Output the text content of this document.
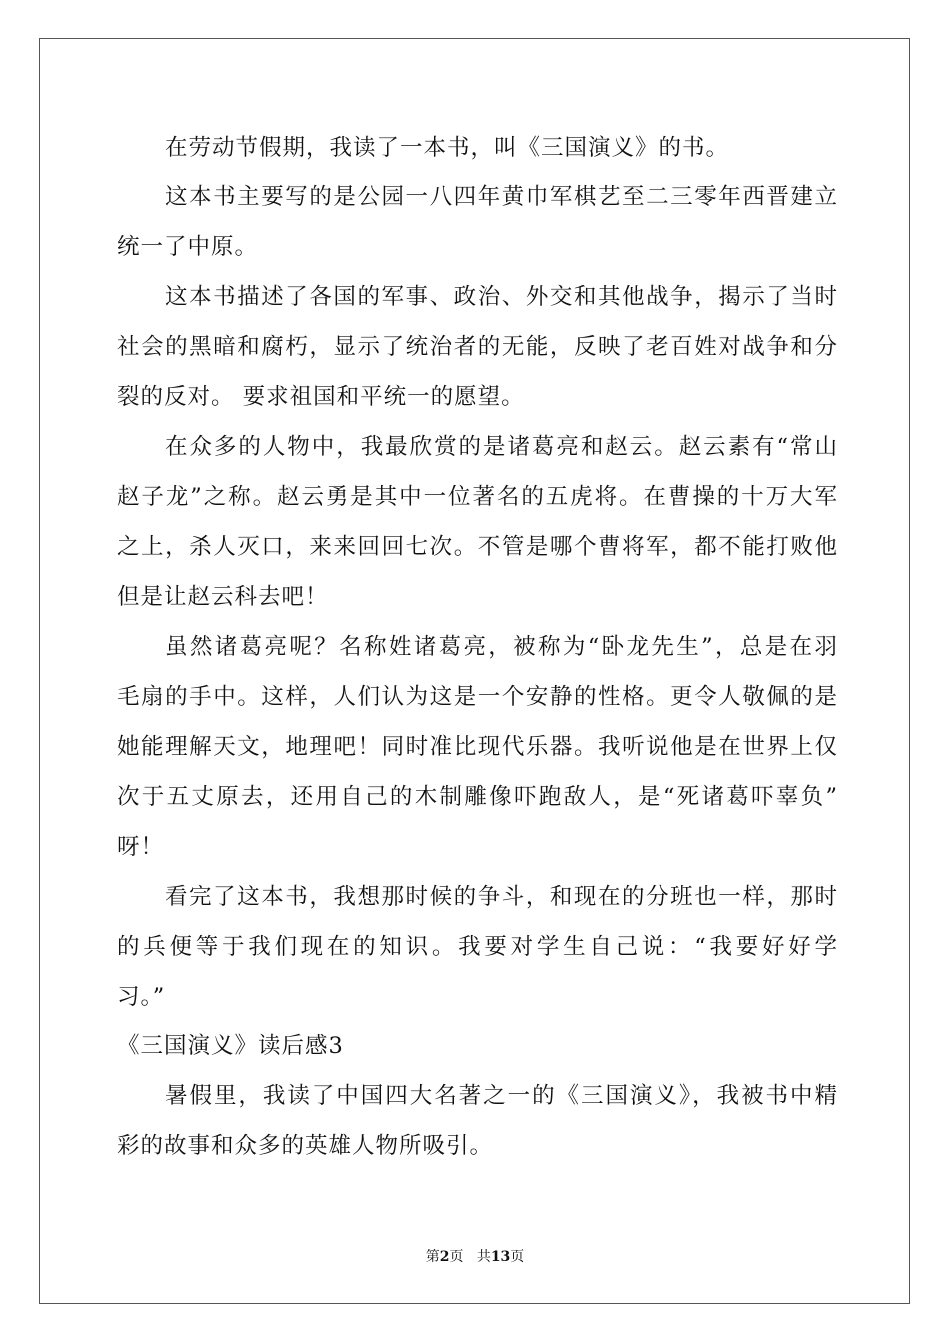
在劳动节假期，我读了一本书，叫《三国演义》的书。
这本书主要写的是公园一八四年黄巾军棋艺至二三零年西晋建立
统一了中原。
这本书描述了各国的军事、政治、外交和其他战争，揭示了当时
社会的黑暗和腐朽，显示了统治者的无能，反映了老百姓对战争和分
裂的反对。 要求祖国和平统一的愿望。
在众多的人物中，我最欣赏的是诸葛亮和赵云。赵云素有“常山
赵子龙”之称。赵云勇是其中一位著名的五虎将。在曹操的十万大军
之上，杀人灭口，来来回回七次。不管是哪个曹将军，都不能打败他
但是让赵云科去吧！
虽然诸葛亮呢？名称姓诸葛亮，被称为“卧龙先生”，总是在羽
毛扇的手中。这样，人们认为这是一个安静的性格。更令人敬佩的是
她能理解天文，地理吧！同时准比现代乐器。我听说他是在世界上仅
次于五丈原去，还用自己的木制雕像吓跑敌人，是“死诸葛吓辜负”
呀！
看完了这本书，我想那时候的争斗，和现在的分班也一样，那时
的兵便等于我们现在的知识。我要对学生自己说：“我要好好学
习。”
《三国演义》读后感3
暑假里，我读了中国四大名著之一的《三国演义》，我被书中精
彩的故事和众多的英雄人物所吸引。
第2页 共13页
